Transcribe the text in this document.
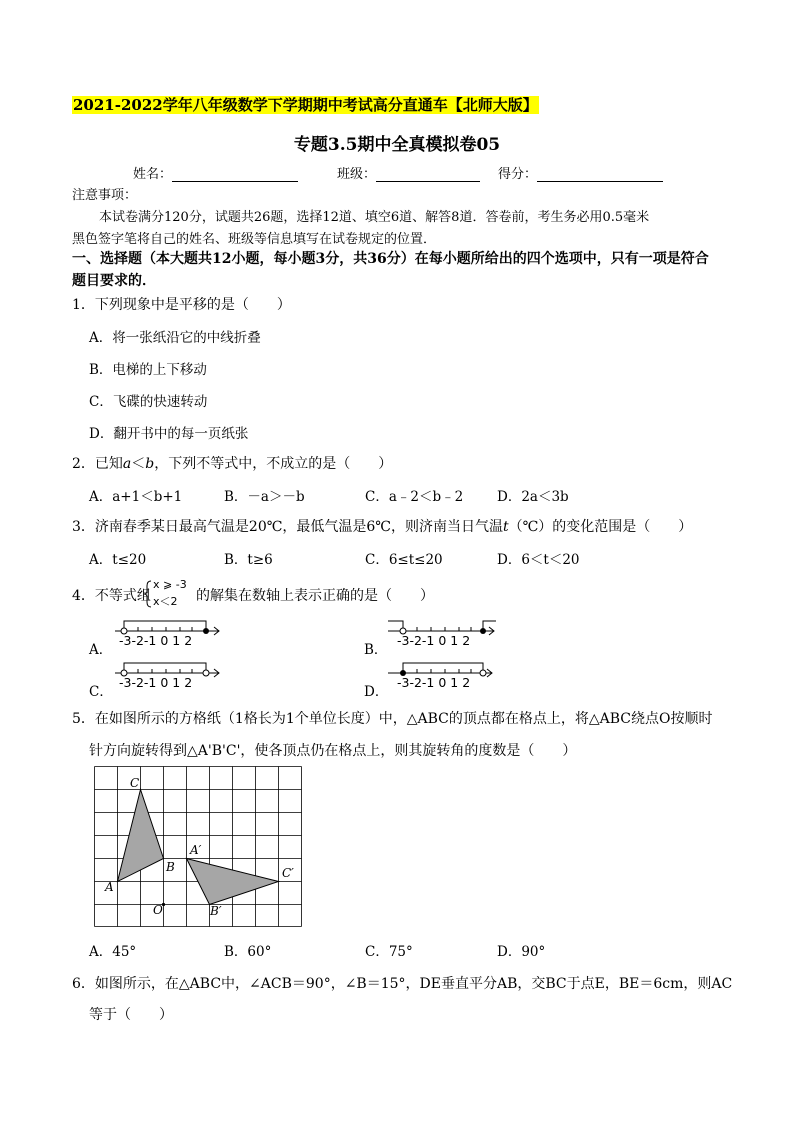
2021-2022学年八年级数学下学期期中考试高分直通车【北师大版】
专题3.5期中全真模拟卷05
姓名：	班级：	得分：
注意事项：
本试卷满分120分，试题共26题，选择12道、填空6道、解答8道．答卷前，考生务必用0.5毫米
黑色签字笔将自己的姓名、班级等信息填写在试卷规定的位置．
一、选择题（本大题共12小题，每小题3分，共36分）在每小题所给出的四个选项中，只有一项是符合
题目要求的．
1．下列现象中是平移的是（　　）
A．将一张纸沿它的中线折叠
B．电梯的上下移动
C．飞碟的快速转动
D．翻开书中的每一页纸张
2．已知a＜b，下列不等式中，不成立的是（　　）
A．a+1＜b+1	B．－a＞－b	C．a﹣2＜b﹣2	D．2a＜3b
3．济南春季某日最高气温是20℃，最低气温是6℃，则济南当日气温t（℃）的变化范围是（　　）
A．t≤20	B．t≥6	C．6≤t≤20	D．6＜t＜20
4．不等式组
x ⩾ -3
x＜2 的解集在数轴上表示正确的是（　　）
A．
-3-2-1 0 1 2
B．
-3-2-1 0 1 2
C．
-3-2-1 0 1 2
D．
-3-2-1 0 1 2
5．在如图所示的方格纸（1格长为1个单位长度）中，△ABC的顶点都在格点上，将△ABC绕点O按顺时
针方向旋转得到△A'B'C'，使各顶点仍在格点上，则其旋转角的度数是（　　）
A
C
B
O
A′
B′
C′
A．45°	B．60°	C．75°	D．90°
6．如图所示，在△ABC中，∠ACB＝90°，∠B＝15°，DE垂直平分AB，交BC于点E，BE＝6cm，则AC
等于（　　）
